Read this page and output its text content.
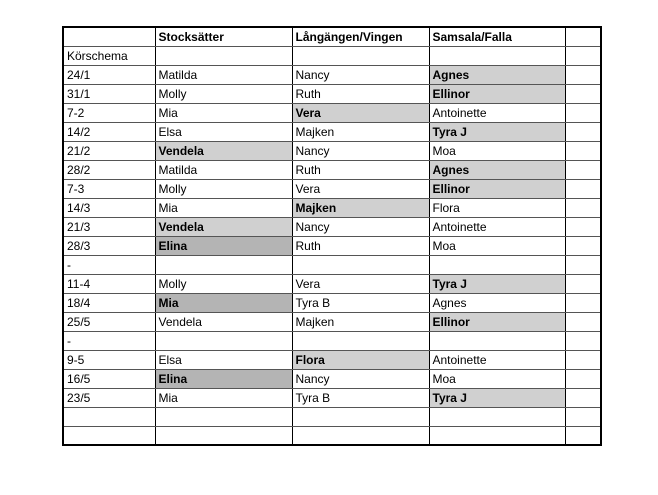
	Stocksätter	Långängen/Vingen	Samsala/Falla	
Körschema				
24/1	Matilda	Nancy	Agnes	
31/1	Molly	Ruth	Ellinor	
7-2	Mia	Vera	Antoinette	
14/2	Elsa	Majken	Tyra J	
21/2	Vendela	Nancy	Moa	
28/2	Matilda	Ruth	Agnes	
7-3	Molly	Vera	Ellinor	
14/3	Mia	Majken	Flora	
21/3	Vendela	Nancy	Antoinette	
28/3	Elina	Ruth	Moa	
-				
11-4	Molly	Vera	Tyra J	
18/4	Mia	Tyra B	Agnes	
25/5	Vendela	Majken	Ellinor	
-				
9-5	Elsa	Flora	Antoinette	
16/5	Elina	Nancy	Moa	
23/5	Mia	Tyra B	Tyra J	
